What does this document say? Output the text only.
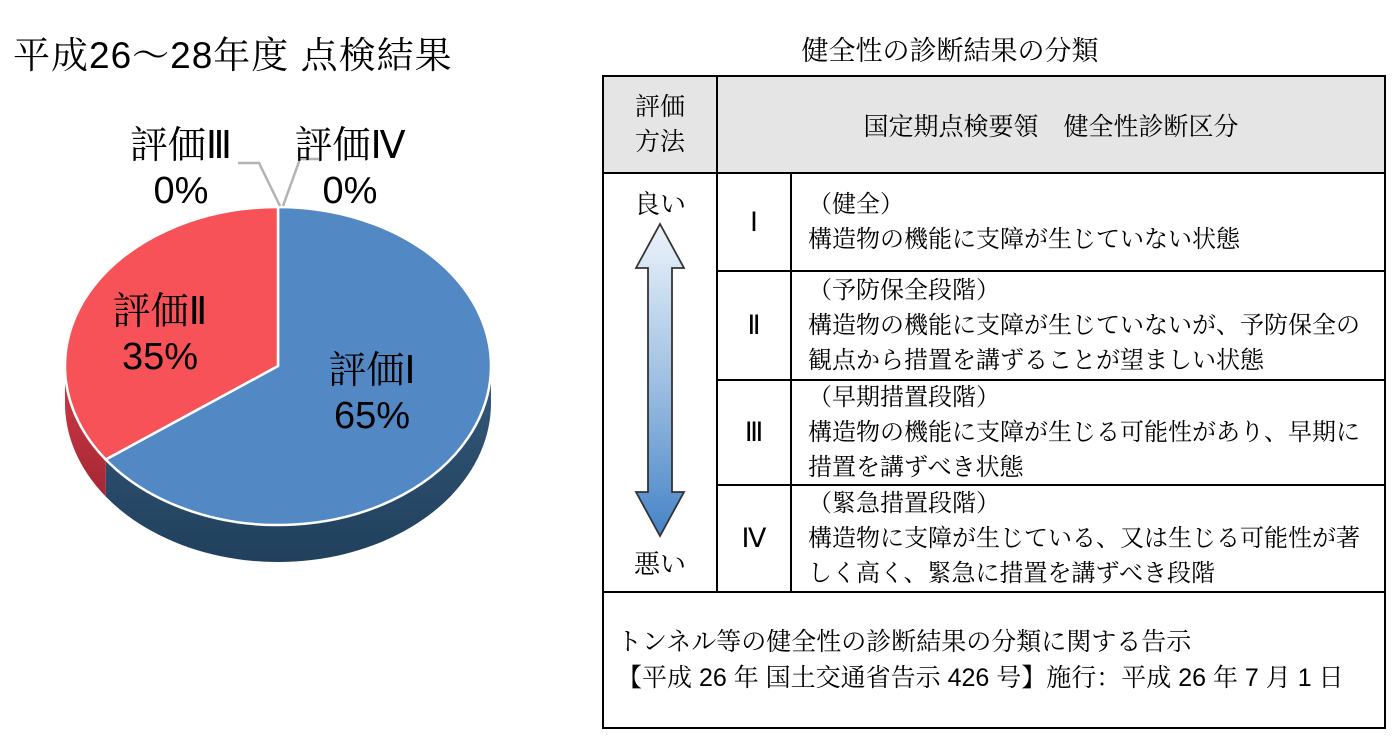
平成26〜28年度 点検結果
評価Ⅰ
65%
評価Ⅱ
35%
評価Ⅲ
0%
評価Ⅳ
0%
健全性の診断結果の分類
評価
方法
国定期点検要領　健全性診断区分
良い
悪い
Ⅰ
（健全）
構造物の機能に支障が生じていない状態
Ⅱ
（予防保全段階）
構造物の機能に支障が生じていないが、予防保全の観点から措置を講ずることが望ましい状態
Ⅲ
（早期措置段階）
構造物の機能に支障が生じる可能性があり、早期に措置を講ずべき状態
Ⅳ
（緊急措置段階）
構造物に支障が生じている、又は生じる可能性が著しく高く、緊急に措置を講ずべき段階
トンネル等の健全性の診断結果の分類に関する告示
【平成 26 年 国土交通省告示 426 号】施行：平成 26 年 7 月 1 日
